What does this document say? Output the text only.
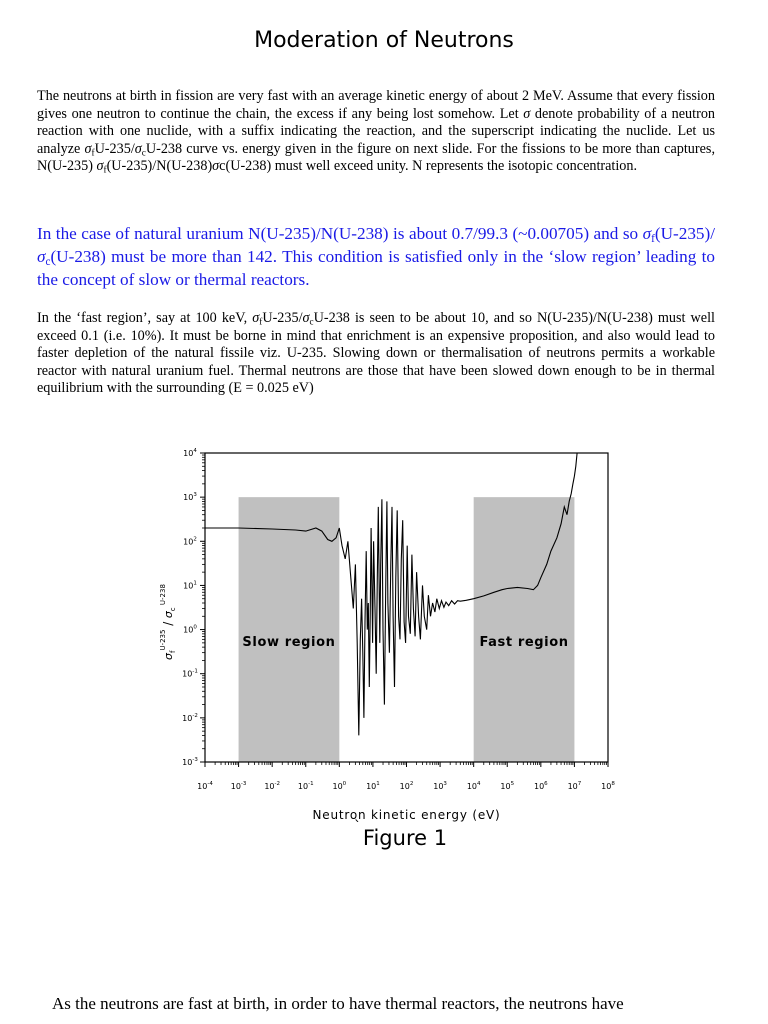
Moderation of Neutrons

The neutrons at birth in fission are very fast with an average kinetic energy of about 2 MeV. Assume that every fission gives one neutron to continue the chain, the excess if any being lost somehow. Let σ denote probability of a neutron reaction with one nuclide, with a suffix indicating the reaction, and the superscript indicating the nuclide. Let us analyze $\sigma_fU-235/\sigma_cU-238$ curve vs. energy given in the figure on next slide. For the fissions to be more than captures, N(U-235) $\sigma_f(U-235)/N(U-238)\sigma c(U-238)$ must well exceed unity. N represents the isotopic concentration.

In the case of natural uranium N(U-235)/N(U-238) is about 0.7/99.3 (~0.00705) and so $\sigma_f(U-235)/\sigma_c(U-238)$ must be more than 142. This condition is satisfied only in the ‘slow region’ leading to the concept of slow or thermal reactors.

In the ‘fast region’, say at 100 keV, $\sigma_fU-235/\sigma_cU-238$ is seen to be about 10, and so N(U-235)/N(U-238) must well exceed 0.1 (i.e. 10%). It must be borne in mind that enrichment is an expensive proposition, and also would lead to faster depletion of the natural fissile viz. U-235. Slowing down or thermalisation of neutrons permits a workable reactor with natural uranium fuel. Thermal neutrons are those that have been slowed down enough to be in thermal equilibrium with the surrounding (E = 0.025 eV)

Slow region	Fast region
$10^{-4}$ $10^{-3}$ $10^{-2}$ $10^{-1}$ $10^0$ $10^1$ $10^2$ $10^3$ $10^4$ $10^5$ $10^6$ $10^7$ $10^8$
$10^4$
$10^3$
$10^2$
$10^1$
$10^0$
$10^{-1}$
$10^{-2}$
$10^{-3}$
Neutron kinetic energy (eV)
$\sigma_f^{U-235} / \sigma_c$ $^{U-238}$
` Figure 1

As the neutrons are fast at birth, in order to have thermal reactors, the neutrons have
